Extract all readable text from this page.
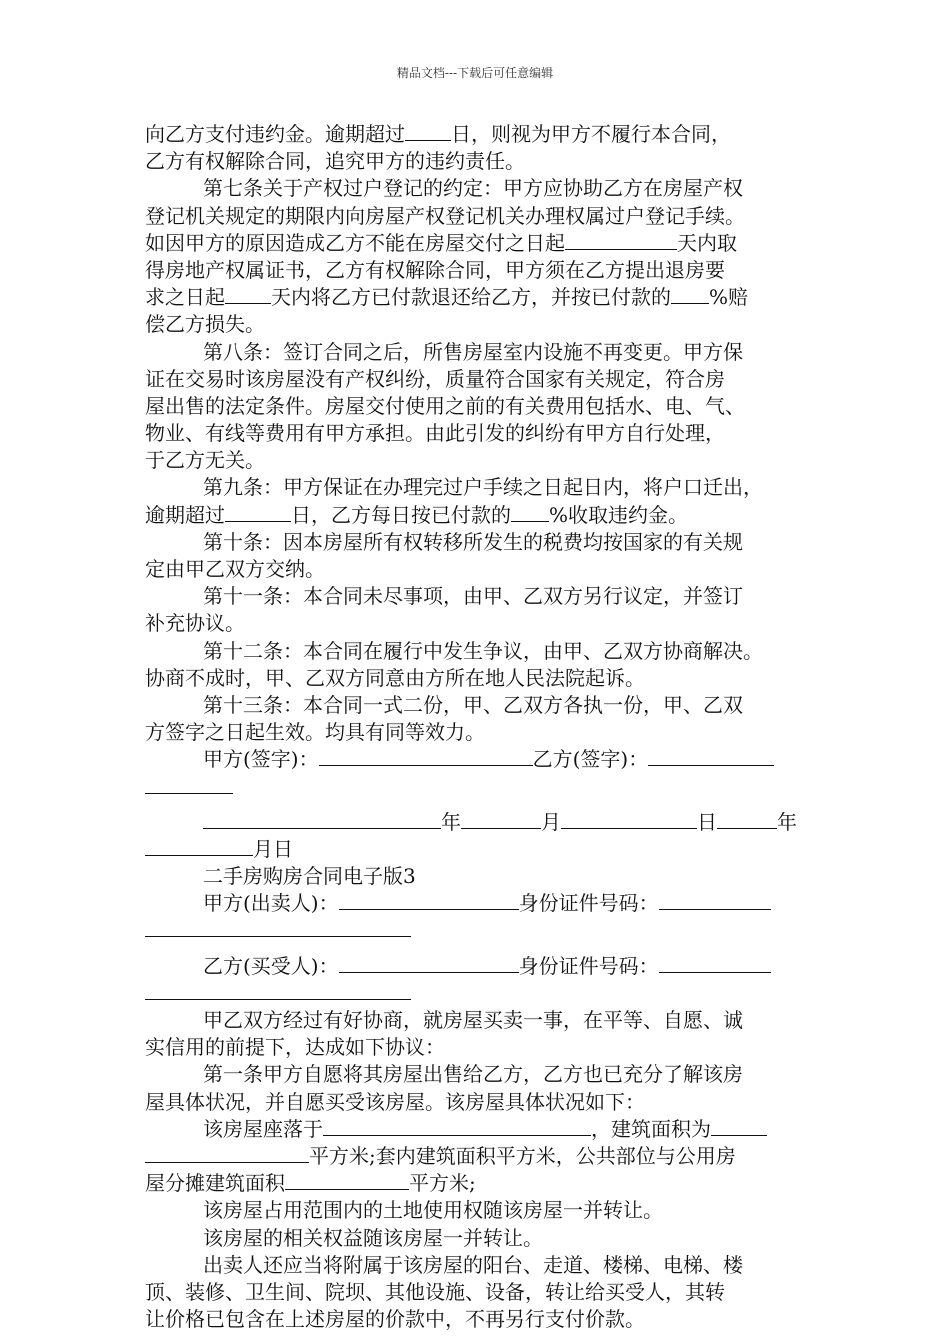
精品文档---下载后可任意编辑
向乙方支付违约金。逾期超过 日，则视为甲方不履行本合同，
乙方有权解除合同，追究甲方的违约责任。
第七条关于产权过户登记的约定：甲方应协助乙方在房屋产权
登记机关规定的期限内向房屋产权登记机关办理权属过户登记手续。
如因甲方的原因造成乙方不能在房屋交付之日起	天内取
得房地产权属证书，乙方有权解除合同，甲方须在乙方提出退房要
求之日起 天内将乙方已付款退还给乙方，并按已付款的 %赔
偿乙方损失。
第八条：签订合同之后，所售房屋室内设施不再变更。甲方保
证在交易时该房屋没有产权纠纷，质量符合国家有关规定，符合房
屋出售的法定条件。房屋交付使用之前的有关费用包括水、电、气、
物业、有线等费用有甲方承担。由此引发的纠纷有甲方自行处理，
于乙方无关。
第九条：甲方保证在办理完过户手续之日起日内，将户口迁出，
逾期超过	日，乙方每日按已付款的 %收取违约金。
第十条：因本房屋所有权转移所发生的税费均按国家的有关规
定由甲乙双方交纳。
第十一条：本合同未尽事项，由甲、乙双方另行议定，并签订
补充协议。
第十二条：本合同在履行中发生争议，由甲、乙双方协商解决。
协商不成时，甲、乙双方同意由方所在地人民法院起诉。
第十三条：本合同一式二份，甲、乙双方各执一份，甲、乙双
方签字之日起生效。均具有同等效力。
甲方(签字)：	乙方(签字)：
年	月	日	年
月日
二手房购房合同电子版3
甲方(出卖人)：	身份证件号码：
乙方(买受人)：	身份证件号码：
甲乙双方经过有好协商，就房屋买卖一事，在平等、自愿、诚
实信用的前提下，达成如下协议：
第一条甲方自愿将其房屋出售给乙方，乙方也已充分了解该房
屋具体状况，并自愿买受该房屋。该房屋具体状况如下：
该房屋座落于	，建筑面积为
平方米;套内建筑面积平方米，公共部位与公用房
屋分摊建筑面积	平方米;
该房屋占用范围内的土地使用权随该房屋一并转让。
该房屋的相关权益随该房屋一并转让。
出卖人还应当将附属于该房屋的阳台、走道、楼梯、电梯、楼
顶、装修、卫生间、院坝、其他设施、设备，转让给买受人，其转
让价格已包含在上述房屋的价款中，不再另行支付价款。
